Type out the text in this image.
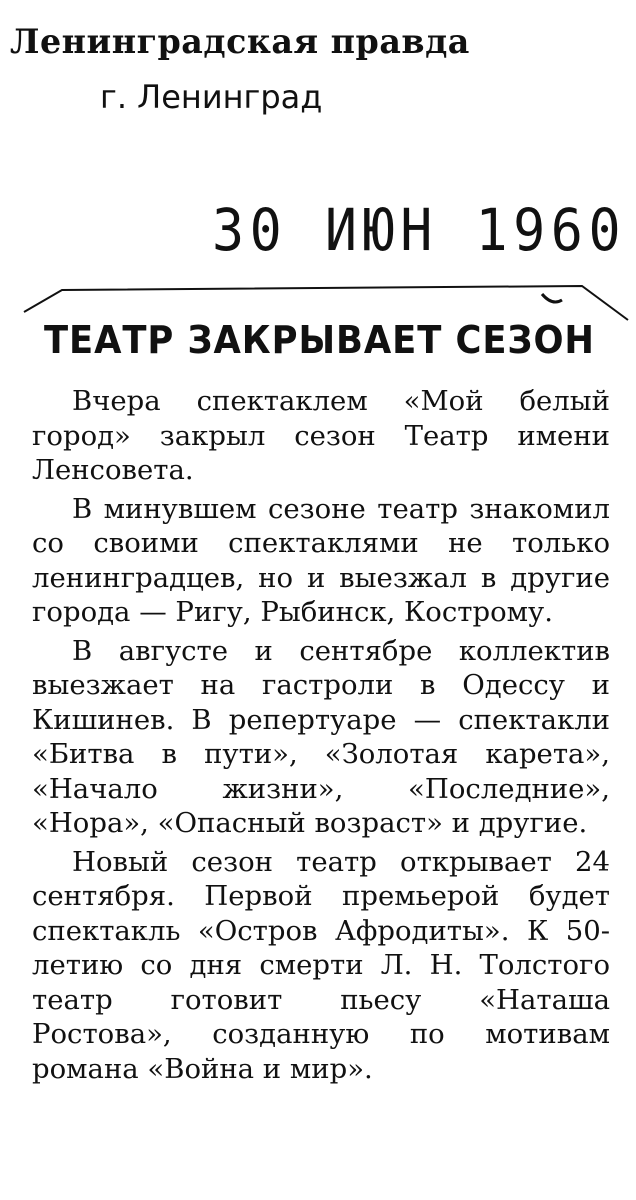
Ленинградская правда
г. Ленинград
30 ИЮН 1960
ТЕАТР ЗАКРЫВАЕТ СЕЗОН

Вчера спектаклем «Мой белый город» закрыл сезон Театр имени Ленсовета.

В минувшем сезоне театр знакомил со своими спектаклями не только ленинградцев, но и выезжал в другие города — Ригу, Рыбинск, Кострому.

В августе и сентябре коллектив выезжает на гастроли в Одессу и Кишинев. В репертуаре — спектакли «Битва в пути», «Золотая карета», «Начало жизни», «Последние», «Нора», «Опасный возраст» и другие.

Новый сезон театр открывает 24 сентября. Первой премьерой будет спектакль «Остров Афродиты». К 50-летию со дня смерти Л. Н. Толстого театр готовит пьесу «Наташа Ростова», созданную по мотивам романа «Война и мир».
